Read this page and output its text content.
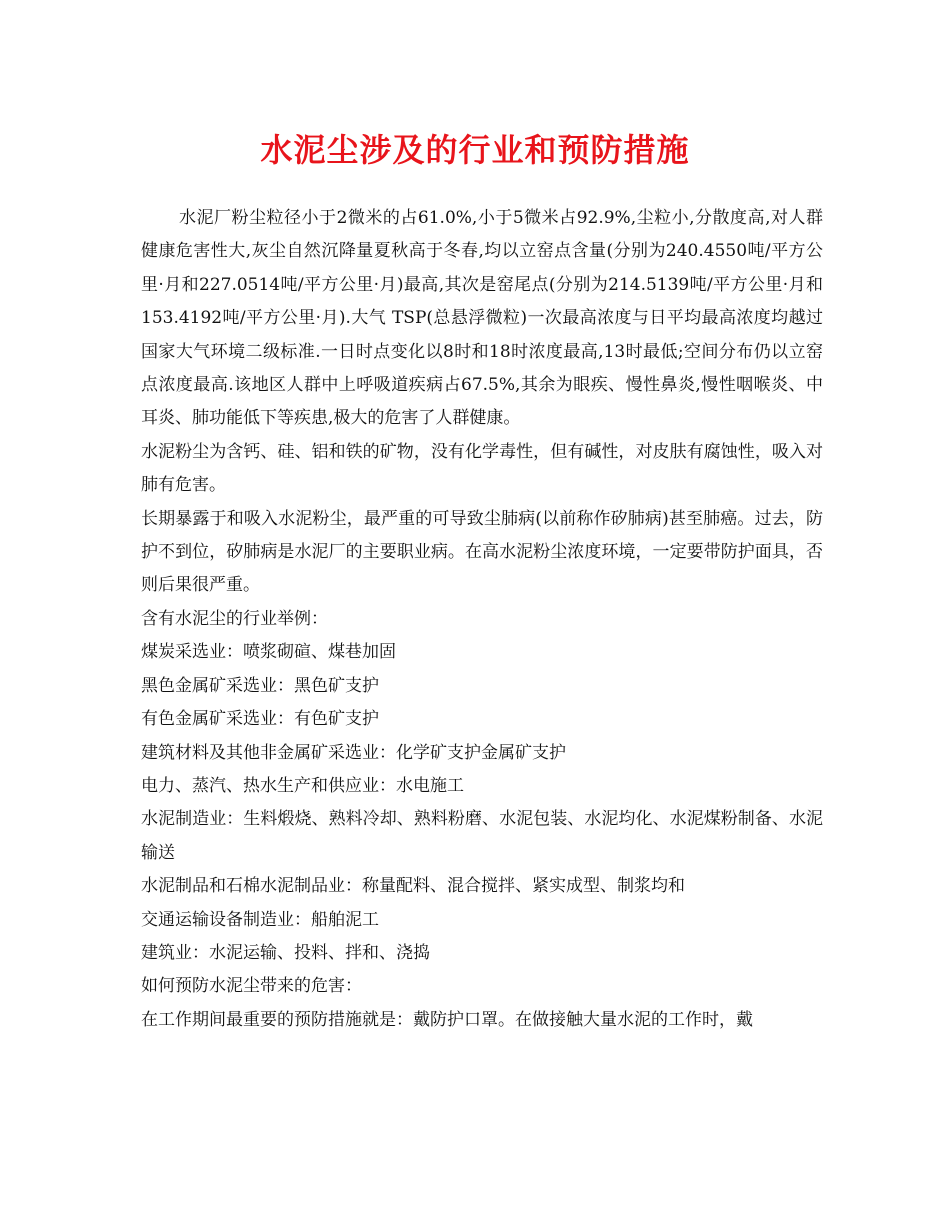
水泥尘涉及的行业和预防措施

水泥厂粉尘粒径小于2微米的占61.0%,小于5微米占92.9%,尘粒小,分散度高,对人群健康危害性大,灰尘自然沉降量夏秋高于冬春,均以立窑点含量(分别为240.4550吨/平方公里·月和227.0514吨/平方公里·月)最高,其次是窑尾点(分别为214.5139吨/平方公里·月和153.4192吨/平方公里·月).大气 TSP(总悬浮微粒)一次最高浓度与日平均最高浓度均越过国家大气环境二级标准.一日时点变化以8时和18时浓度最高,13时最低;空间分布仍以立窑点浓度最高.该地区人群中上呼吸道疾病占67.5%,其余为眼疾、慢性鼻炎,慢性咽喉炎、中耳炎、肺功能低下等疾患,极大的危害了人群健康。

水泥粉尘为含钙、硅、铝和铁的矿物，没有化学毒性，但有碱性，对皮肤有腐蚀性，吸入对肺有危害。

长期暴露于和吸入水泥粉尘，最严重的可导致尘肺病(以前称作矽肺病)甚至肺癌。过去，防护不到位，矽肺病是水泥厂的主要职业病。在高水泥粉尘浓度环境，一定要带防护面具，否则后果很严重。

含有水泥尘的行业举例：

煤炭采选业：喷浆砌碹、煤巷加固

黑色金属矿采选业：黑色矿支护

有色金属矿采选业：有色矿支护

建筑材料及其他非金属矿采选业：化学矿支护金属矿支护

电力、蒸汽、热水生产和供应业：水电施工

水泥制造业：生料煅烧、熟料冷却、熟料粉磨、水泥包装、水泥均化、水泥煤粉制备、水泥输送

水泥制品和石棉水泥制品业：称量配料、混合搅拌、紧实成型、制浆均和

交通运输设备制造业：船舶泥工

建筑业：水泥运输、投料、拌和、浇捣

如何预防水泥尘带来的危害：

在工作期间最重要的预防措施就是：戴防护口罩。在做接触大量水泥的工作时，戴
